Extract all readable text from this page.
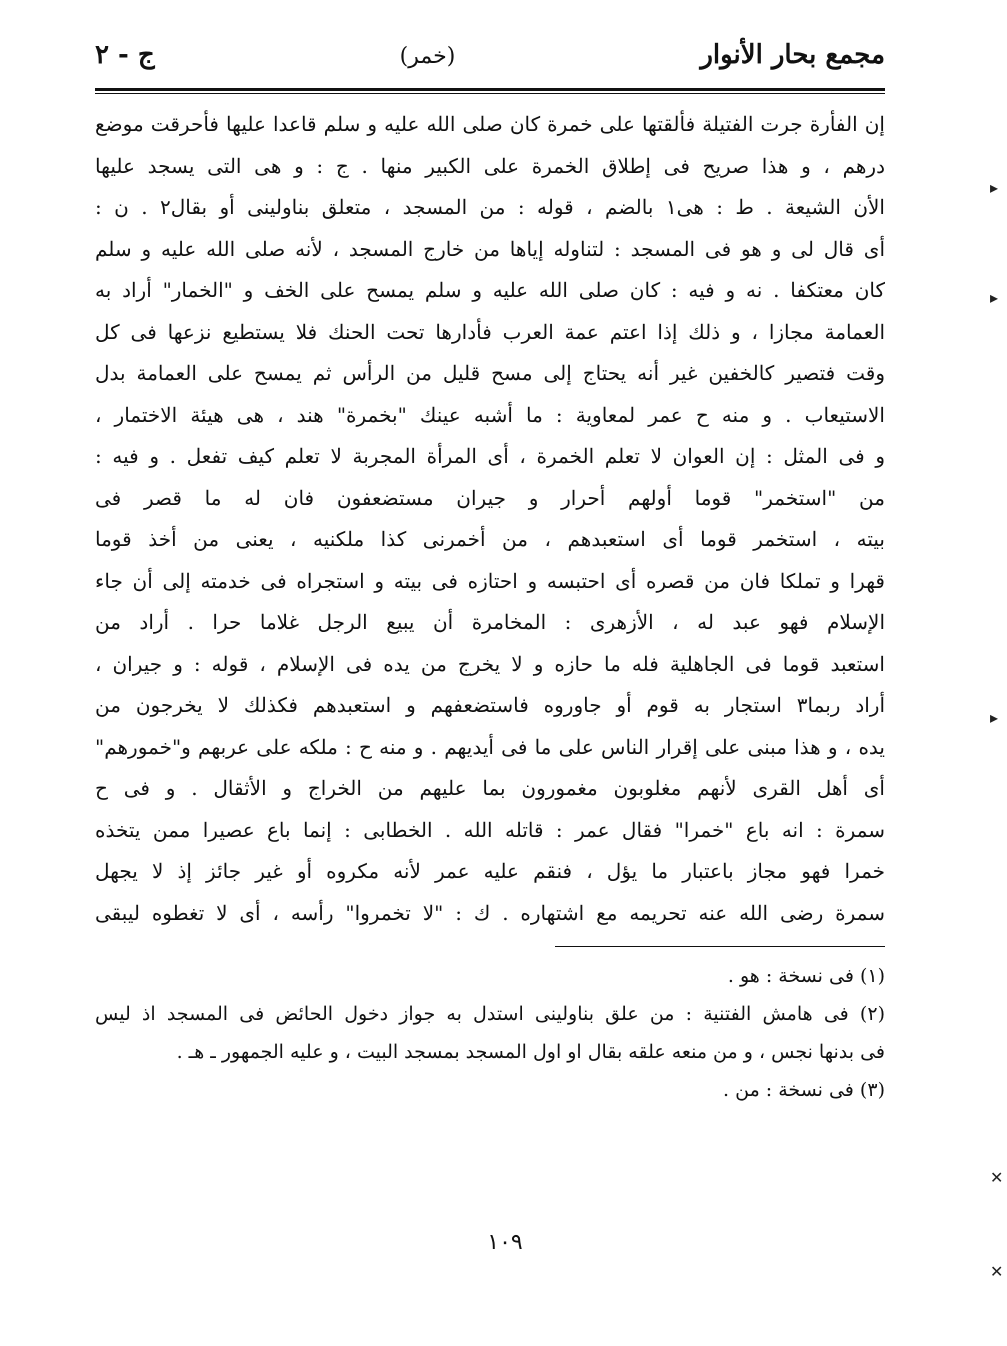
مجمع بحار الأنوار
(خمر)
ج - ٢
إن الفأرة جرت الفتيلة فألقتها على خمرة كان صلى الله عليه و سلم قاعدا عليها فأحرقت موضع
درهم ، و هذا صريح فى إطلاق الخمرة على الكبير منها . ج : و هى التى يسجد عليها
الأن الشيعة . ط : هى١ بالضم ، قوله : من المسجد ، متعلق بناولينى أو بقال٢ . ن :
أى قال لى و هو فى المسجد : لتناوله إياها من خارج المسجد ، لأنه صلى الله عليه و سلم
كان معتكفا . نه و فيه : كان صلى الله عليه و سلم يمسح على الخف و "الخمار" أراد به
العمامة مجازا ، و ذلك إذا اعتم عمة العرب فأدارها تحت الحنك فلا يستطيع نزعها فى كل
وقت فتصير كالخفين غير أنه يحتاج إلى مسح قليل من الرأس ثم يمسح على العمامة بدل
الاستيعاب . و منه ح عمر لمعاوية : ما أشبه عينك "بخمرة" هند ، هى هيئة الاختمار ،
و فى المثل : إن العوان لا تعلم الخمرة ، أى المرأة المجربة لا تعلم كيف تفعل . و فيه :
من "استخمر" قوما أولهم أحرار و جيران مستضعفون فان له ما قصر فى
بيته ، استخمر قوما أى استعبدهم ، من أخمرنى كذا ملكنيه ، يعنى من أخذ قوما
قهرا و تملكا فان من قصره أى احتبسه و احتازه فى بيته و استجراه فى خدمته إلى أن جاء
الإسلام فهو عبد له ، الأزهرى : المخامرة أن يبيع الرجل غلاما حرا . أراد من
استعبد قوما فى الجاهلية فله ما حازه و لا يخرج من يده فى الإسلام ، قوله : و جيران ،
أراد ربما٣ استجار به قوم أو جاوروه فاستضعفهم و استعبدهم فكذلك لا يخرجون من
يده ، و هذا مبنى على إقرار الناس على ما فى أيديهم . و منه ح : ملكه على عربهم و"خمورهم"
أى أهل القرى لأنهم مغلوبون مغمورون بما عليهم من الخراج و الأثقال . و فى ح
سمرة : انه باع "خمرا" فقال عمر : قاتله الله . الخطابى : إنما باع عصيرا ممن يتخذه
خمرا فهو مجاز باعتبار ما يؤل ، فنقم عليه عمر لأنه مكروه أو غير جائز إذ لا يجهل
سمرة رضى الله عنه تحريمه مع اشتهاره . ك : "لا تخمروا" رأسه ، أى لا تغطوه ليبقى
(١) فى نسخة : هو .
(٢) فى هامش الفتنية : من علق بناولينى استدل به جواز دخول الحائض فى المسجد اذ ليس
فى بدنها نجس ، و من منعه علقه بقال او اول المسجد بمسجد البيت ، و عليه الجمهور ـ هـ .
(٣) فى نسخة : من .
١٠٩
▸
▸
▸
✕
✕
